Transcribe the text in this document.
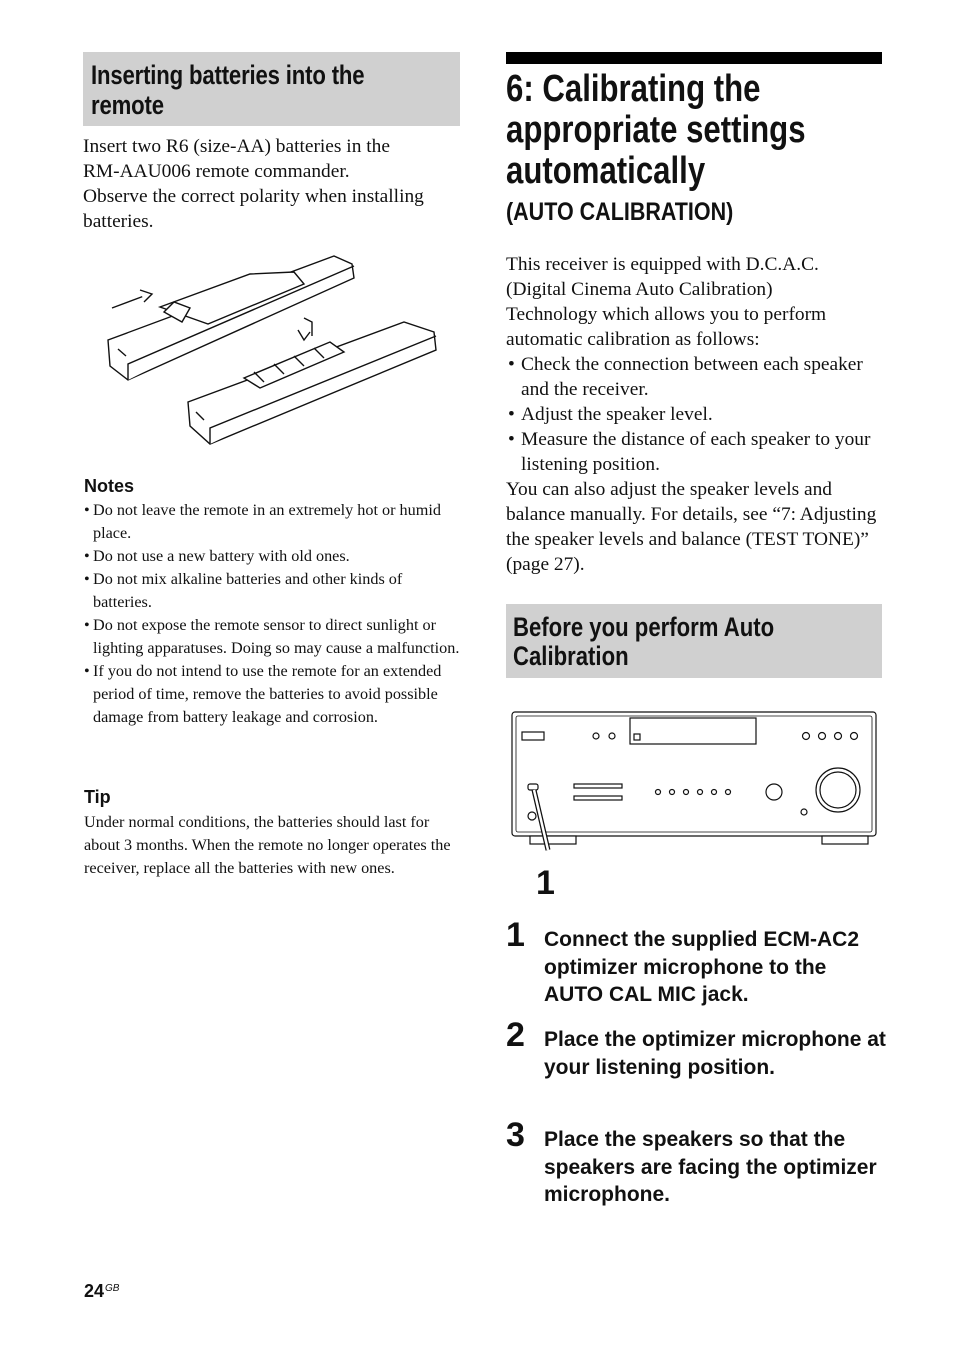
Inserting batteries into the
remote

Insert two R6 (size-AA) batteries in the

RM-AAU006 remote commander.

Observe the correct polarity when installing

batteries.

Notes
• Do not leave the remote in an extremely hot or humid place.
• Do not use a new battery with old ones.
• Do not mix alkaline batteries and other kinds of batteries.
• Do not expose the remote sensor to direct sunlight or lighting apparatuses. Doing so may cause a malfunction.
• If you do not intend to use the remote for an extended period of time, remove the batteries to avoid possible damage from battery leakage and corrosion.
Tip

Under normal conditions, the batteries should last for about 3 months. When the remote no longer operates the receiver, replace all the batteries with new ones.

6: Calibrating the
appropriate settings
automatically
(AUTO CALIBRATION)

This receiver is equipped with D.C.A.C.

(Digital Cinema Auto Calibration)

Technology which allows you to perform

automatic calibration as follows:

• Check the connection between each speaker and the receiver.
• Adjust the speaker level.
• Measure the distance of each speaker to your listening position.

You can also adjust the speaker levels and balance manually. For details, see “7: Adjusting the speaker levels and balance (TEST TONE)” (page 27).

Before you perform Auto
Calibration
1
1 Connect the supplied ECM-AC2 optimizer microphone to the AUTO CAL MIC jack.
2 Place the optimizer microphone at your listening position.
3 Place the speakers so that the speakers are facing the optimizer microphone.
24 GB
